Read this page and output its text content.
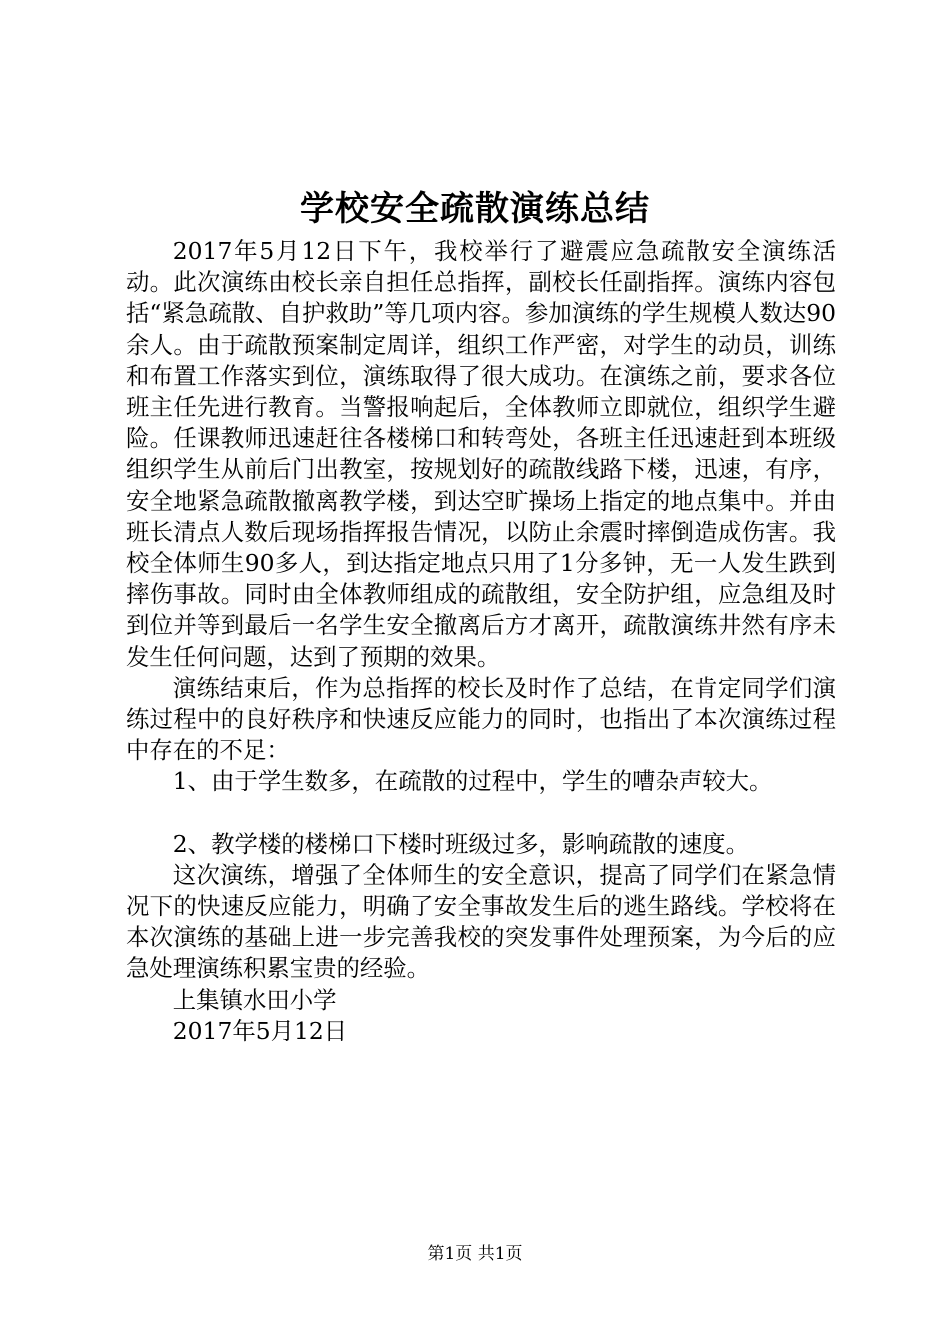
学校安全疏散演练总结

2017年5月12日下午，我校举行了避震应急疏散安全演练活动。此次演练由校长亲自担任总指挥，副校长任副指挥。演练内容包括“紧急疏散、自护救助”等几项内容。参加演练的学生规模人数达90余人。由于疏散预案制定周详，组织工作严密，对学生的动员，训练和布置工作落实到位，演练取得了很大成功。在演练之前，要求各位班主任先进行教育。当警报响起后，全体教师立即就位，组织学生避险。任课教师迅速赶往各楼梯口和转弯处，各班主任迅速赶到本班级组织学生从前后门出教室，按规划好的疏散线路下楼，迅速，有序，安全地紧急疏散撤离教学楼，到达空旷操场上指定的地点集中。并由班长清点人数后现场指挥报告情况，以防止余震时摔倒造成伤害。我校全体师生90多人，到达指定地点只用了1分多钟，无一人发生跌到摔伤事故。同时由全体教师组成的疏散组，安全防护组，应急组及时到位并等到最后一名学生安全撤离后方才离开，疏散演练井然有序未发生任何问题，达到了预期的效果。

演练结束后，作为总指挥的校长及时作了总结，在肯定同学们演练过程中的良好秩序和快速反应能力的同时，也指出了本次演练过程中存在的不足：

1、由于学生数多，在疏散的过程中，学生的嘈杂声较大。

2、教学楼的楼梯口下楼时班级过多，影响疏散的速度。

这次演练，增强了全体师生的安全意识，提高了同学们在紧急情况下的快速反应能力，明确了安全事故发生后的逃生路线。学校将在本次演练的基础上进一步完善我校的突发事件处理预案，为今后的应急处理演练积累宝贵的经验。

上集镇水田小学

2017年5月12日

第1页 共1页
